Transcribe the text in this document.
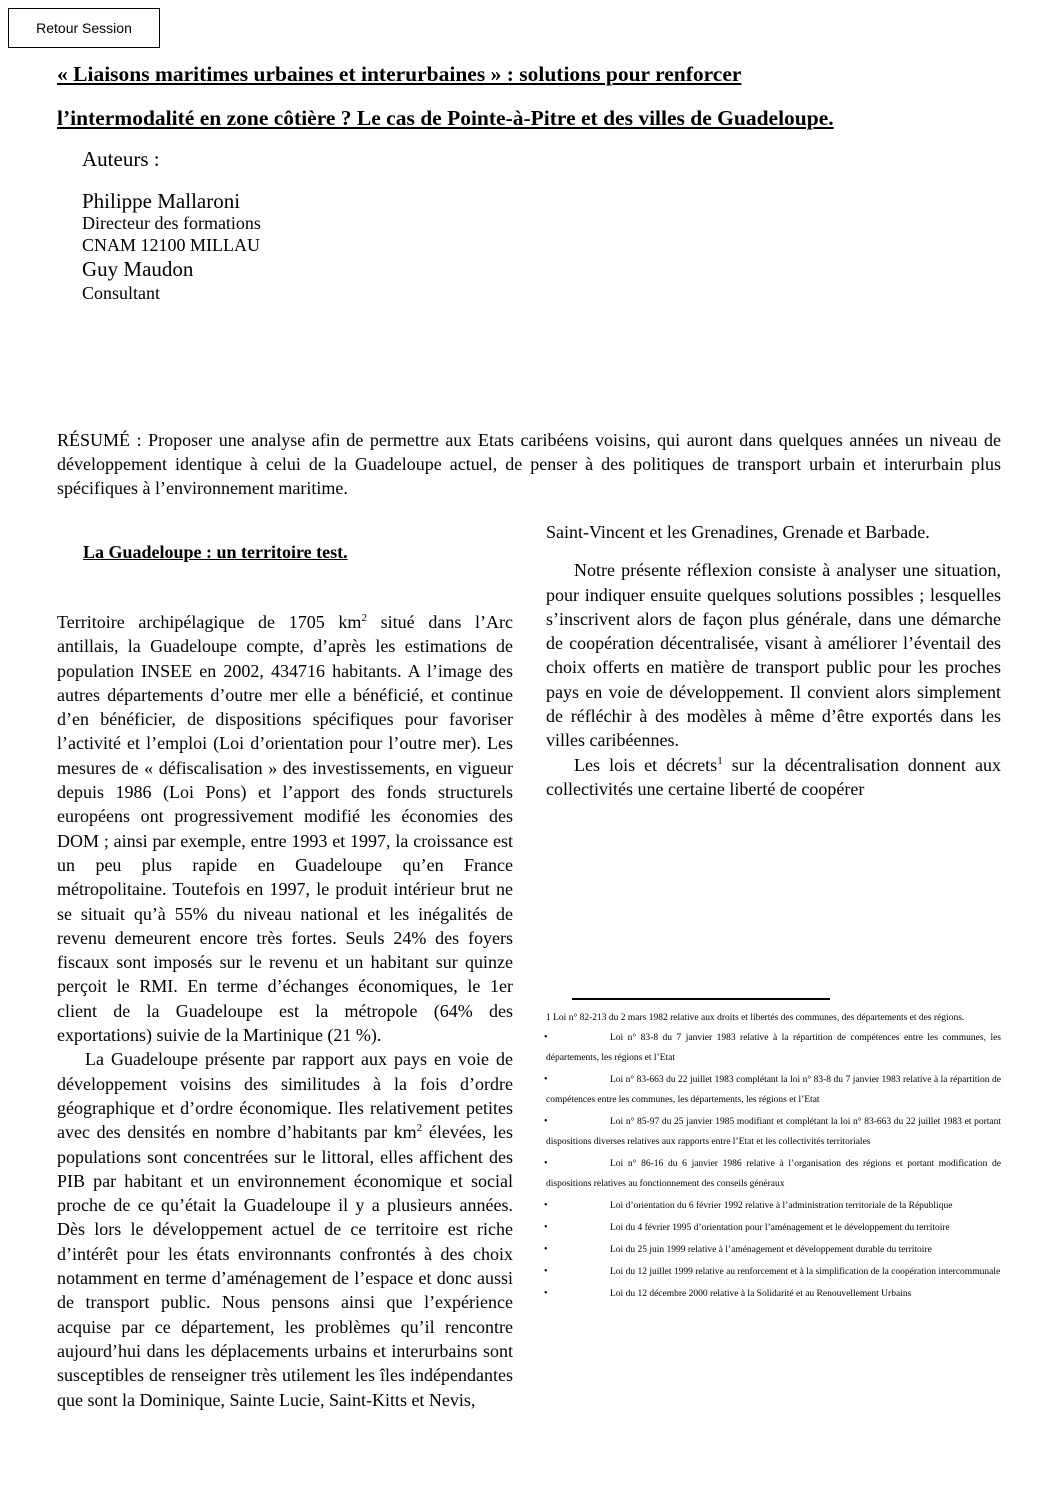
Retour Session
« Liaisons maritimes urbaines et interurbaines » : solutions pour renforcer
l’intermodalité en zone côtière ? Le cas de Pointe-à-Pitre et des villes de Guadeloupe.
Auteurs :
Philippe Mallaroni
Directeur des formations
CNAM 12100 MILLAU
Guy Maudon
Consultant

RÉSUMÉ : Proposer une analyse afin de permettre aux Etats caribéens voisins, qui auront dans quelques années un niveau de développement identique à celui de la Guadeloupe actuel, de penser à des politiques de transport urbain et interurbain plus spécifiques à l’environnement maritime.

La Guadeloupe : un territoire test.

Territoire archipélagique de 1705 $km^2$ situé dans l’Arc antillais, la Guadeloupe compte, d’après les estimations de population INSEE en 2002, 434716 habitants. A l’image des autres départements d’outre mer elle a bénéficié, et continue d’en bénéficier, de dispositions spécifiques pour favoriser l’activité et l’emploi (Loi d’orientation pour l’outre mer). Les mesures de « défiscalisation » des investissements, en vigueur depuis 1986 (Loi Pons) et l’apport des fonds structurels européens ont progressivement modifié les économies des DOM ; ainsi par exemple, entre 1993 et 1997, la croissance est un peu plus rapide en Guadeloupe qu’en France métropolitaine. Toutefois en 1997, le produit intérieur brut ne se situait qu’à 55% du niveau national et les inégalités de revenu demeurent encore très fortes. Seuls 24% des foyers fiscaux sont imposés sur le revenu et un habitant sur quinze perçoit le RMI. En terme d’échanges économiques, le 1er client de la Guadeloupe est la métropole (64% des exportations) suivie de la Martinique (21 %).

La Guadeloupe présente par rapport aux pays en voie de développement voisins des similitudes à la fois d’ordre géographique et d’ordre économique. Iles relativement petites avec des densités en nombre d’habitants par $km^2$ élevées, les populations sont concentrées sur le littoral, elles affichent des PIB par habitant et un environnement économique et social proche de ce qu’était la Guadeloupe il y a plusieurs années. Dès lors le développement actuel de ce territoire est riche d’intérêt pour les états environnants confrontés à des choix notamment en terme d’aménagement de l’espace et donc aussi de transport public. Nous pensons ainsi que l’expérience acquise par ce département, les problèmes qu’il rencontre aujourd’hui dans les déplacements urbains et interurbains sont susceptibles de renseigner très utilement les îles indépendantes que sont la Dominique, Sainte Lucie, Saint-Kitts et Nevis,

Saint-Vincent et les Grenadines, Grenade et Barbade.

Notre présente réflexion consiste à analyser une situation, pour indiquer ensuite quelques solutions possibles ; lesquelles s’inscrivent alors de façon plus générale, dans une démarche de coopération décentralisée, visant à améliorer l’éventail des choix offerts en matière de transport public pour les proches pays en voie de développement. Il convient alors simplement de réfléchir à des modèles à même d’être exportés dans les villes caribéennes.

Les lois et décrets$^1$ sur la décentralisation donnent aux collectivités une certaine liberté de coopérer

1 Loi n° 82-213 du 2 mars 1982 relative aux droits et libertés des communes, des départements et des régions.

•	Loi n° 83-8 du 7 janvier 1983 relative à la répartition de compétences entre les communes, les départements, les régions et l’Etat

•	Loi n° 83-663 du 22 juillet 1983 complétant la loi n° 83-8 du 7 janvier 1983 relative à la répartition de compétences entre les communes, les départements, les régions et l’Etat

•	Loi n° 85-97 du 25 janvier 1985 modifiant et complétant la loi n° 83-663 du 22 juillet 1983 et portant dispositions diverses relatives aux rapports entre l’Etat et les collectivités territoriales

•	Loi n° 86-16 du 6 janvier 1986 relative à l’organisation des régions et portant modification de dispositions relatives au fonctionnement des conseils généraux

•	Loi d’orientation du 6 février 1992 relative à l’administration territoriale de la République

•	Loi du 4 février 1995 d’orientation pour l’aménagement et le développement du territoire

•	Loi du 25 juin 1999 relative à l’aménagement et développement durable du territoire

•	Loi du 12 juillet 1999 relative au renforcement et à la simplification de la coopération intercommunale

•	Loi du 12 décembre 2000 relative à la Solidarité et au Renouvellement Urbains
